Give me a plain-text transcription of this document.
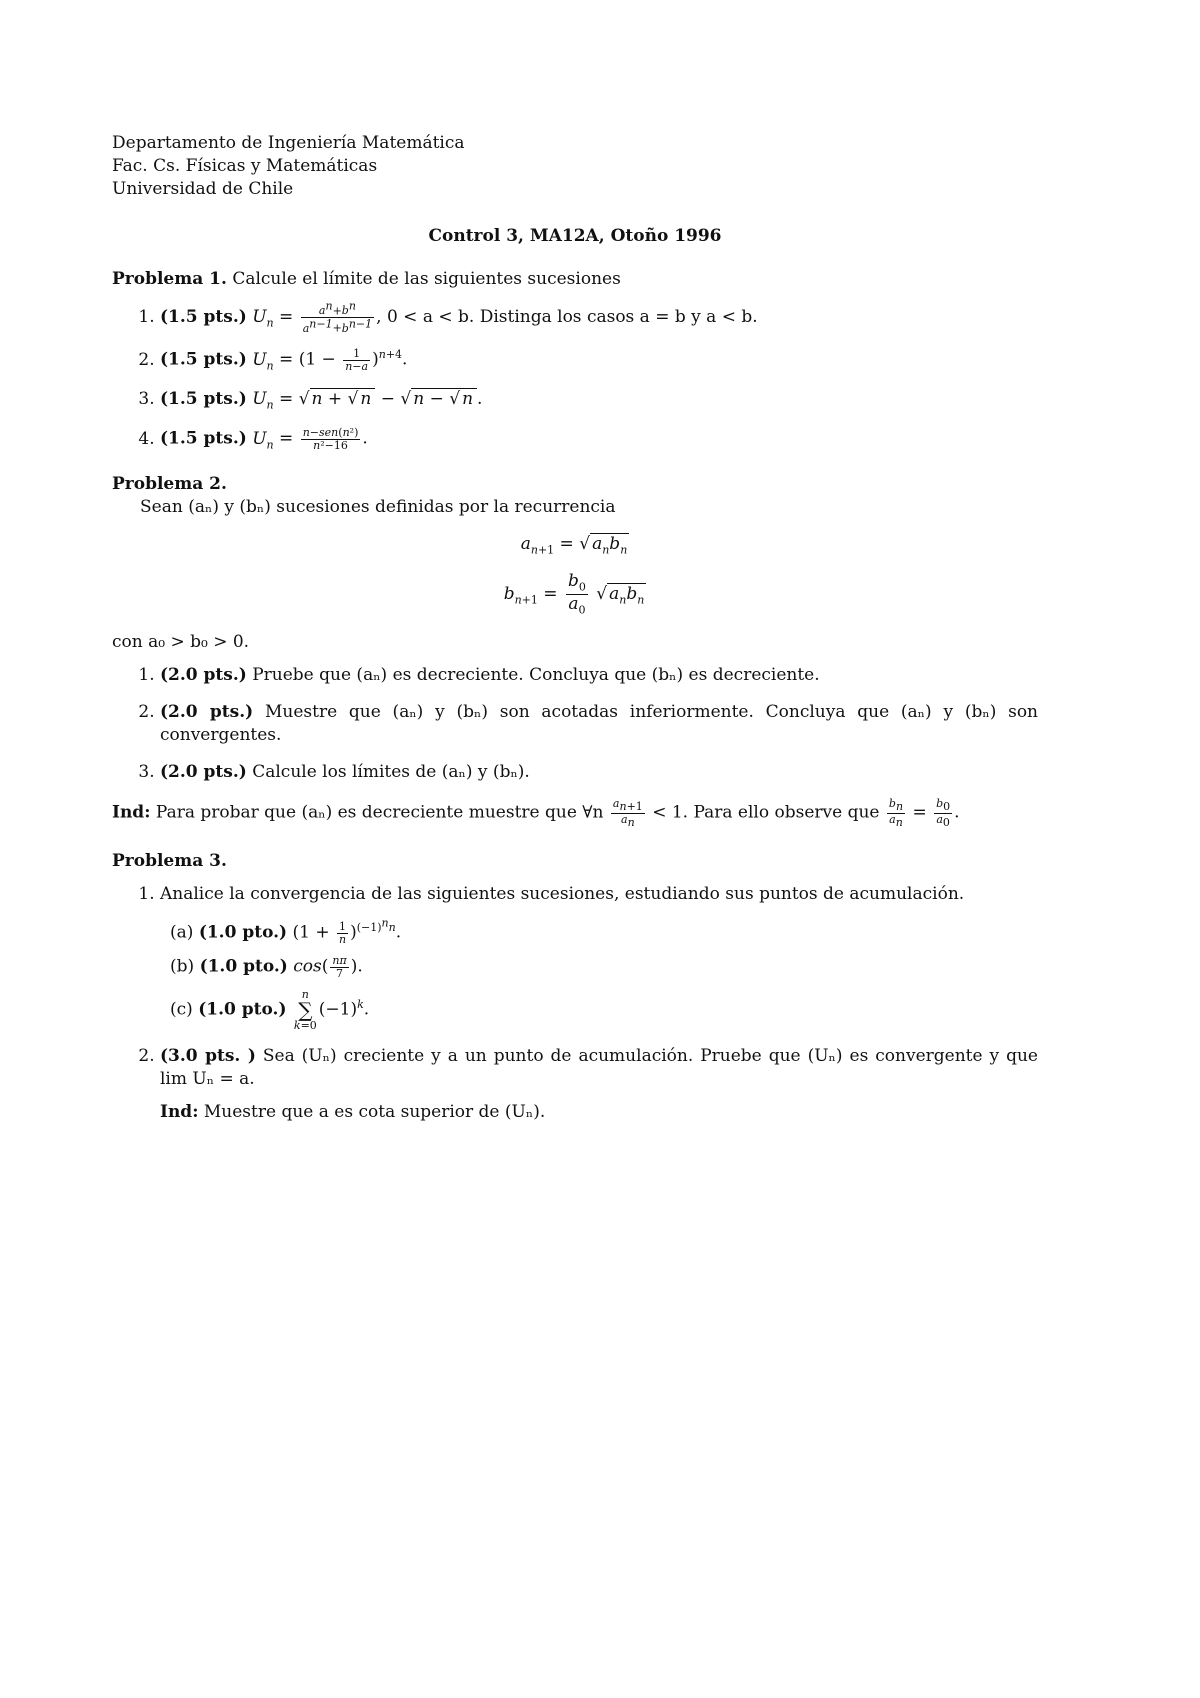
Departamento de Ingeniería Matemática
Fac. Cs. Físicas y Matemáticas
Universidad de Chile
Control 3, MA12A, Otoño 1996
Problema 1. Calcule el límite de las siguientes sucesiones
1. (1.5 pts.) $U_n = \frac{a^n+b^n}{a^{n-1}+b^{n-1}}$ , 0 < a < b. Distinga los casos a = b y a < b.
2. (1.5 pts.) $U_n = (1 - \frac{1}{n-a} )^{n+4}$.
3. (1.5 pts.) $U_n$ = √ n + √ n − √ n − √ n .
4. (1.5 pts.) $U_n = \frac{\text{n−sen(n²)}}{\text{n²−16}}$ .
Problema 2.
Sean (aₙ) y (bₙ) sucesiones definidas por la recurrencia
$a_{n+1}$ = √ $a_nb_n$
$b_{n+1} = \frac{b_0}{a_0}$ √ $a_nb_n$
con a₀ > b₀ > 0.
1. (2.0 pts.) Pruebe que (aₙ) es decreciente. Concluya que (bₙ) es decreciente.
2. (2.0 pts.) Muestre que (aₙ) y (bₙ) son acotadas inferiormente. Concluya que (aₙ) y (bₙ) son convergentes.
3. (2.0 pts.) Calcule los límites de (aₙ) y (bₙ).
Ind: Para probar que (aₙ) es decreciente muestre que ∀n $\frac{a_{n+1}}{a_n} < 1$. Para ello observe que $\frac{b_n}{a_n} = \frac{b_0}{a_0}$ .
Problema 3.
1. Analice la convergencia de las siguientes sucesiones, estudiando sus puntos de acumulación.
(a) (1.0 pto.) $(1 + \frac{1}{n} )^{(-1)^nn}$.
(b) (1.0 pto.) $\cos( \frac{n\pi}{7}$ ).
(c) (1.0 pto.) n
∑
$k=0(-1)^k$.
2. (3.0 pts. ) Sea (Uₙ) creciente y a un punto de acumulación. Pruebe que (Uₙ) es convergente y que lim Uₙ = a.
Ind: Muestre que a es cota superior de (Uₙ).
